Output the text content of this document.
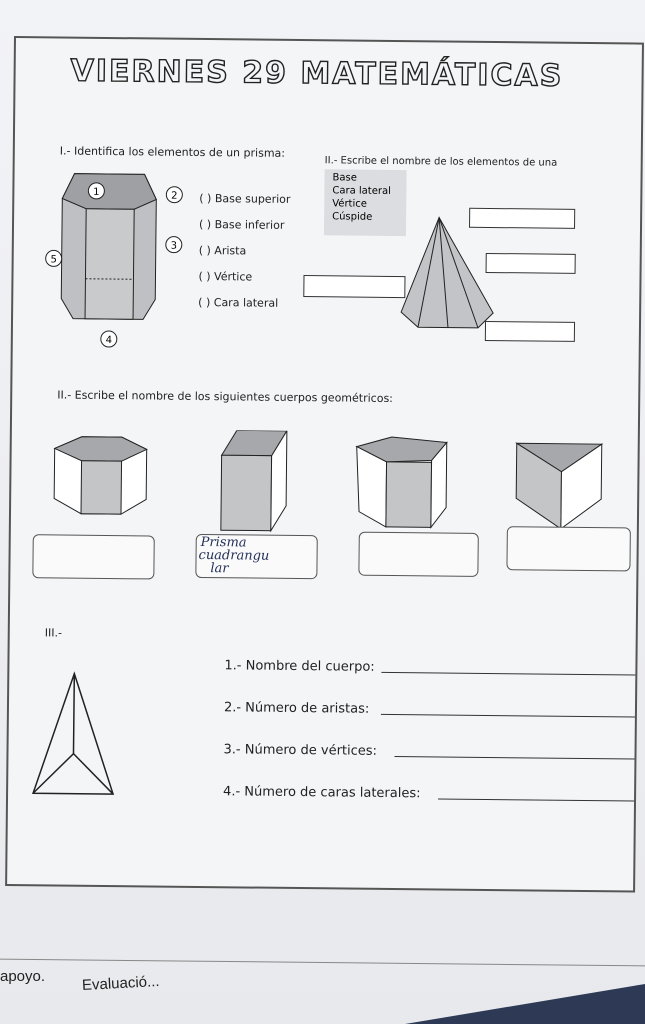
VIERNES 29 MATEMÁTICAS
I.- Identifica los elementos de un prisma:
1	2
3
4
5
( ) Base superior
( ) Base inferior
( ) Arista
( ) Vértice
( ) Cara lateral
II.- Escribe el nombre de los elementos de una
Base
Cara lateral
Vértice
Cúspide
II.- Escribe el nombre de los siguientes cuerpos geométricos:
Prisma
cuadrangu
lar
III.-
1.- Nombre del cuerpo:
2.- Número de aristas:
3.- Número de vértices:
4.- Número de caras laterales:
apoyo. Evaluació...
